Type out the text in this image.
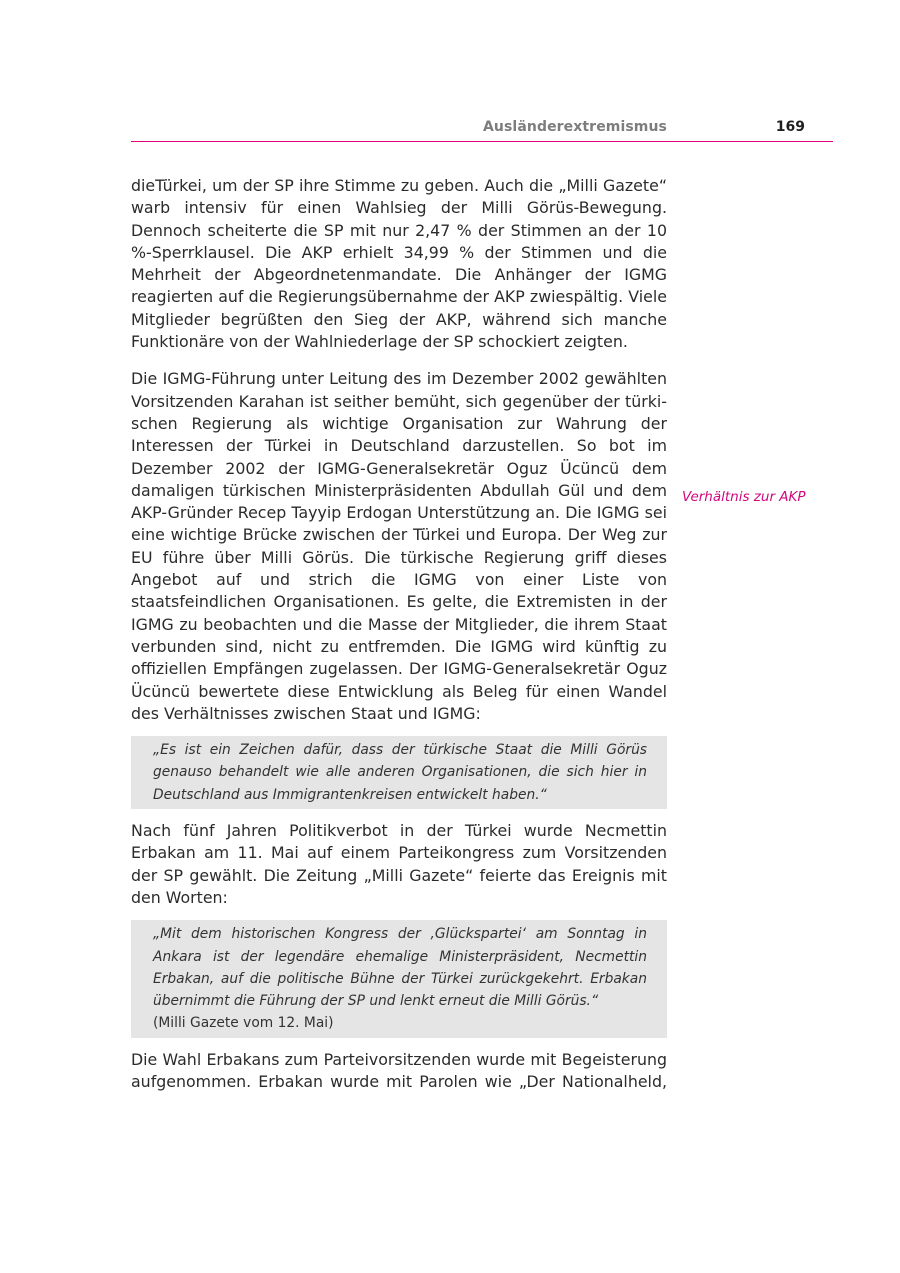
Ausländerextremismus	169
Verhältnis zur AKP

dieTürkei, um der SP ihre Stimme zu geben. Auch die „Milli Gazete“ warb intensiv für einen Wahlsieg der Milli Görüs-Bewegung. Dennoch scheiterte die SP mit nur 2,47 % der Stimmen an der 10 %-Sperrklausel. Die AKP erhielt 34,99 % der Stimmen und die Mehrheit der Abgeordnetenmandate. Die Anhänger der IGMG reagierten auf die Regierungsübernahme der AKP zwiespältig. Viele Mitglieder begrüßten den Sieg der AKP, während sich manche Funktionäre von der Wahlniederlage der SP schockiert zeigten.

Die IGMG-Führung unter Leitung des im Dezember 2002 gewählten Vorsitzenden Karahan ist seither bemüht, sich gegenüber der türkischen Regierung als wichtige Organisation zur Wahrung der Interessen der Türkei in Deutschland darzustellen. So bot im Dezember 2002 der IGMG-Generalsekretär Oguz Ücüncü dem damaligen türkischen Ministerpräsidenten Abdullah Gül und dem AKP-Gründer Recep Tayyip Erdogan Unterstützung an. Die IGMG sei eine wichtige Brücke zwischen der Türkei und Europa. Der Weg zur EU führe über Milli Görüs. Die türkische Regierung griff dieses Angebot auf und strich die IGMG von einer Liste von staatsfeindlichen Organisationen. Es gelte, die Extremisten in der IGMG zu beobachten und die Masse der Mitglieder, die ihrem Staat verbunden sind, nicht zu entfremden. Die IGMG wird künftig zu offiziellen Empfängen zugelassen. Der IGMG-Generalsekretär Oguz Ücüncü bewertete diese Entwicklung als Beleg für einen Wandel des Verhältnisses zwischen Staat und IGMG:

„Es ist ein Zeichen dafür, dass der türkische Staat die Milli Görüs genauso behandelt wie alle anderen Organisationen, die sich hier in Deutschland aus Immigrantenkreisen entwickelt haben.“

Nach fünf Jahren Politikverbot in der Türkei wurde Necmettin Erbakan am 11. Mai auf einem Parteikongress zum Vorsitzenden der SP gewählt. Die Zeitung „Milli Gazete“ feierte das Ereignis mit den Worten:

„Mit dem historischen Kongress der ‚Glückspartei‘ am Sonntag in Ankara ist der legendäre ehemalige Ministerpräsident, Necmettin Erbakan, auf die politische Bühne der Türkei zurückgekehrt. Erbakan übernimmt die Führung der SP und lenkt erneut die Milli Görüs.“

(Milli Gazete vom 12. Mai)

Die Wahl Erbakans zum Parteivorsitzenden wurde mit Begeisterung aufgenommen. Erbakan wurde mit Parolen wie „Der Nationalheld,
